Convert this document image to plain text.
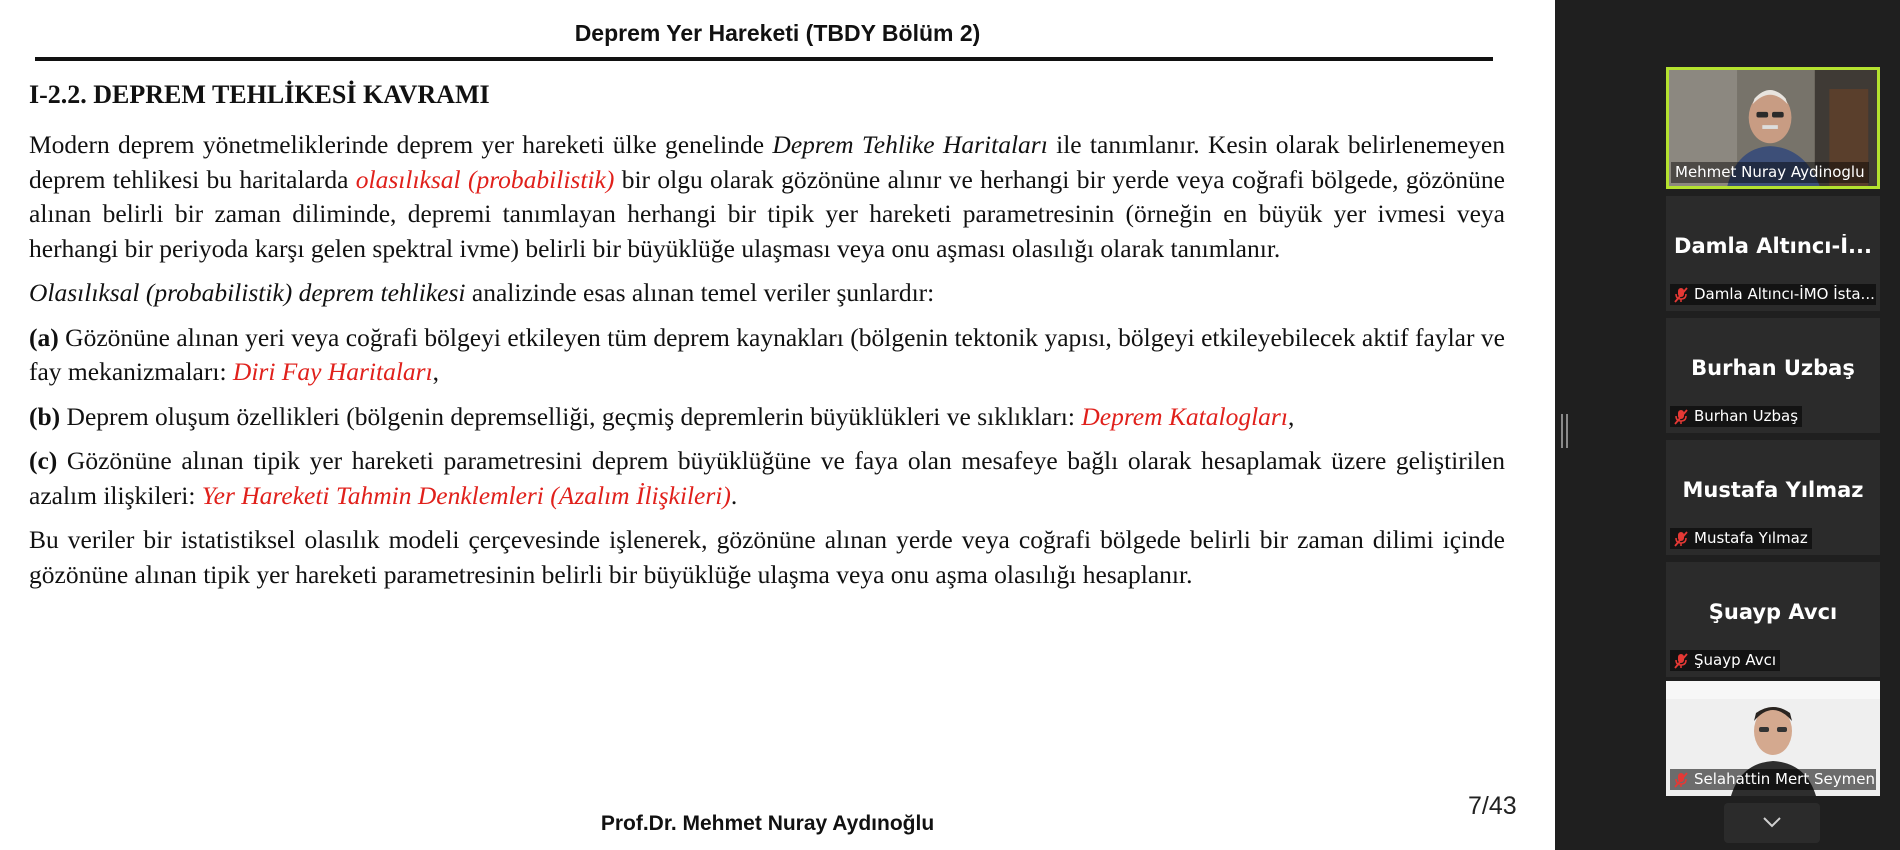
Deprem Yer Hareketi (TBDY Bölüm 2)
I-2.2. DEPREM TEHLİKESİ KAVRAMI
Modern deprem yönetmeliklerinde deprem yer hareketi ülke genelinde Deprem Tehlike Haritaları ile tanımlanır. Kesin olarak belirlenemeyen deprem tehlikesi bu haritalarda olasılıksal (probabilistik) bir olgu olarak gözönüne alınır ve herhangi bir yerde veya coğrafi bölgede, gözönüne alınan belirli bir zaman diliminde, depremi tanımlayan herhangi bir tipik yer hareketi parametresinin (örneğin en büyük yer ivmesi veya herhangi bir periyoda karşı gelen spektral ivme) belirli bir büyüklüğe ulaşması veya onu aşması olasılığı olarak tanımlanır.
Olasılıksal (probabilistik) deprem tehlikesi analizinde esas alınan temel veriler şunlardır:
(a) Gözönüne alınan yeri veya coğrafi bölgeyi etkileyen tüm deprem kaynakları (bölgenin tektonik yapısı, bölgeyi etkileyebilecek aktif faylar ve fay mekanizmaları: Diri Fay Haritaları,
(b) Deprem oluşum özellikleri (bölgenin depremselliği, geçmiş depremlerin büyüklükleri ve sıklıkları: Deprem Katalogları,
(c) Gözönüne alınan tipik yer hareketi parametresini deprem büyüklüğüne ve faya olan mesafeye bağlı olarak hesaplamak üzere geliştirilen azalım ilişkileri: Yer Hareketi Tahmin Denklemleri (Azalım İlişkileri).
Bu veriler bir istatistiksel olasılık modeli çerçevesinde işlenerek, gözönüne alınan yerde veya coğrafi bölgede belirli bir zaman dilimi içinde gözönüne alınan tipik yer hareketi parametresinin belirli bir büyüklüğe ulaşma veya onu aşma olasılığı hesaplanır.
Prof.Dr. Mehmet Nuray Aydınoğlu
7/43
Mehmet Nuray Aydinoglu
Damla Altıncı-İ...
Damla Altıncı-İMO İsta...
Burhan Uzbaş
Burhan Uzbaş
Mustafa Yılmaz
Mustafa Yılmaz
Şuayp Avcı
Şuayp Avcı
Selahattin Mert Seymen
